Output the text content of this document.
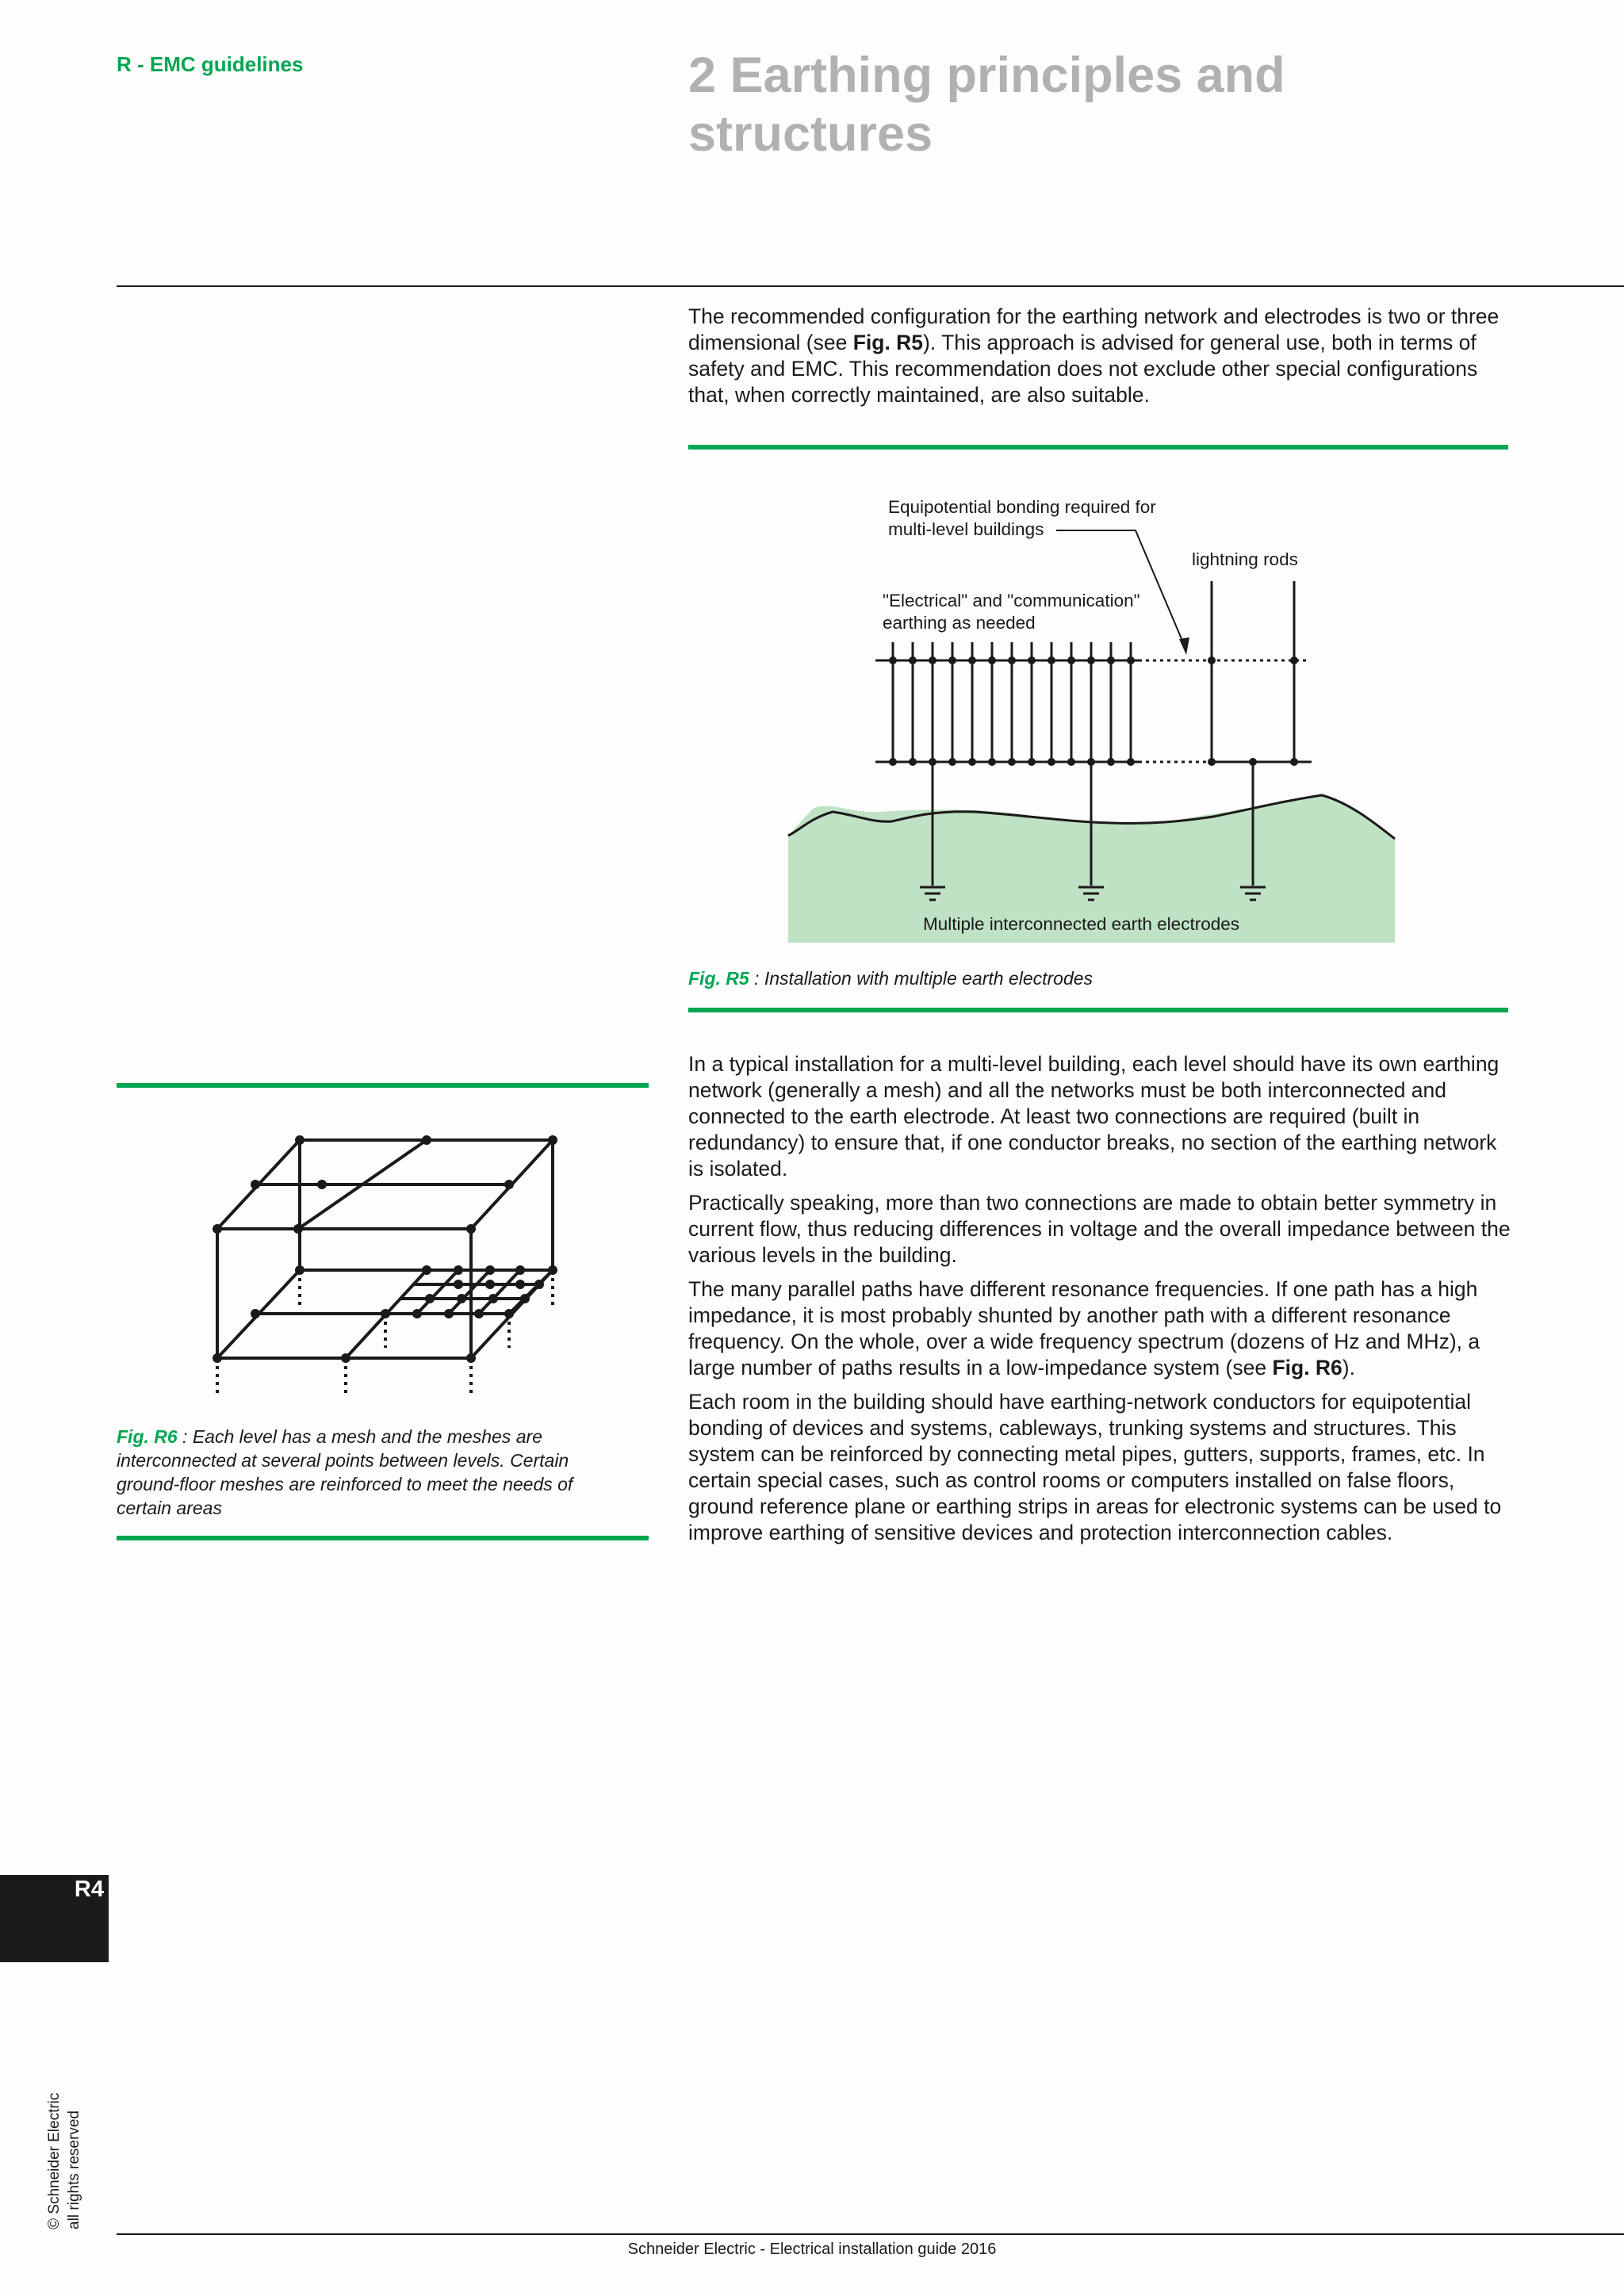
R - EMC guidelines	2 Earthing principles and structures

The recommended configuration for the earthing network and electrodes is two or three dimensional (see Fig. R5). This approach is advised for general use, both in terms of safety and EMC. This recommendation does not exclude other special configurations that, when correctly maintained, are also suitable.

Equipotential bonding required for
multi-level buildings
lightning rods
"Electrical" and "communication"
earthing as needed
Multiple interconnected earth electrodes
Fig. R5 : Installation with multiple earth electrodes
Fig. R6 : Each level has a mesh and the meshes are interconnected at several points between levels. Certain ground-floor meshes are reinforced to meet the needs of certain areas

In a typical installation for a multi-level building, each level should have its own earthing network (generally a mesh) and all the networks must be both interconnected and connected to the earth electrode. At least two connections are required (built in redundancy) to ensure that, if one conductor breaks, no section of the earthing network is isolated.

Practically speaking, more than two connections are made to obtain better symmetry in current flow, thus reducing differences in voltage and the overall impedance between the various levels in the building.

The many parallel paths have different resonance frequencies. If one path has a high impedance, it is most probably shunted by another path with a different resonance frequency. On the whole, over a wide frequency spectrum (dozens of Hz and MHz), a large number of paths results in a low-impedance system (see Fig. R6).

Each room in the building should have earthing-network conductors for equipotential bonding of devices and systems, cableways, trunking systems and structures. This system can be reinforced by connecting metal pipes, gutters, supports, frames, etc. In certain special cases, such as control rooms or computers installed on false floors, ground reference plane or earthing strips in areas for electronic systems can be used to improve earthing of sensitive devices and protection interconnection cables.

R4
© Schneider Electric all rights reserved
Schneider Electric - Electrical installation guide 2016
